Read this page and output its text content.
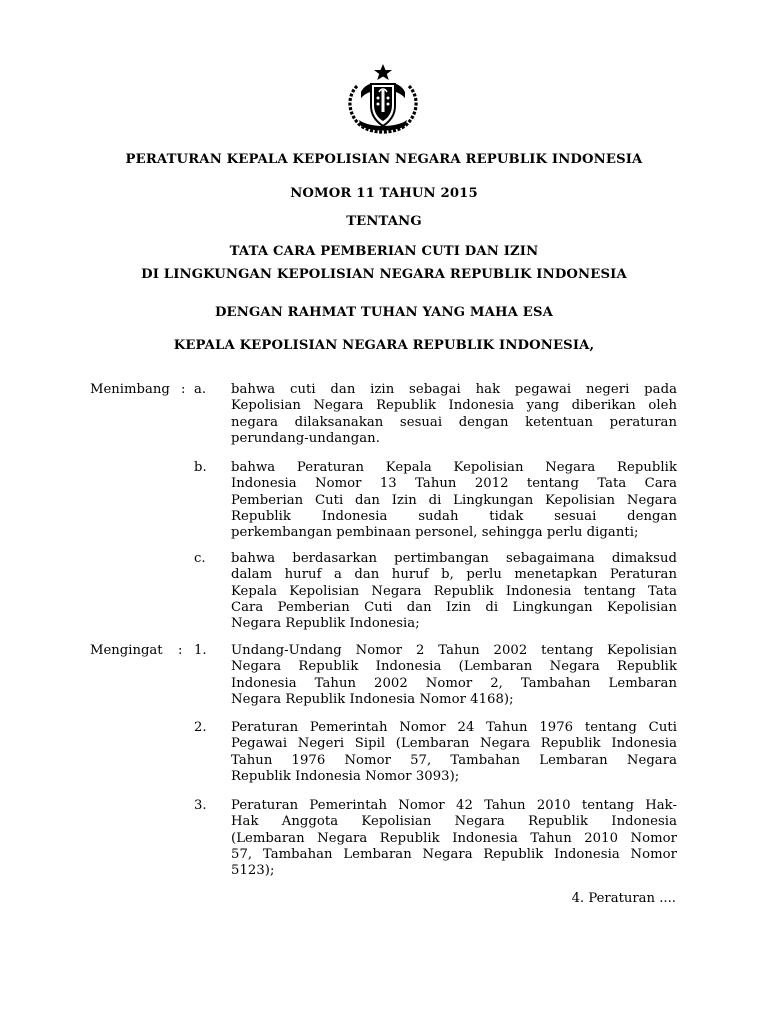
PERATURAN KEPALA KEPOLISIAN NEGARA REPUBLIK INDONESIA
NOMOR 11 TAHUN 2015
TENTANG
TATA CARA PEMBERIAN CUTI DAN IZIN
DI LINGKUNGAN KEPOLISIAN NEGARA REPUBLIK INDONESIA
DENGAN RAHMAT TUHAN YANG MAHA ESA
KEPALA KEPOLISIAN NEGARA REPUBLIK INDONESIA,
Menimbang : a. bahwa cuti dan izin sebagai hak pegawai negeri pada
Kepolisian Negara Republik Indonesia yang diberikan oleh
negara dilaksanakan sesuai dengan ketentuan peraturan
perundang-undangan.
b. bahwa Peraturan Kepala Kepolisian Negara Republik
Indonesia Nomor 13 Tahun 2012 tentang Tata Cara
Pemberian Cuti dan Izin di Lingkungan Kepolisian Negara
Republik Indonesia sudah tidak sesuai dengan
perkembangan pembinaan personel, sehingga perlu diganti;
c. bahwa berdasarkan pertimbangan sebagaimana dimaksud
dalam huruf a dan huruf b, perlu menetapkan Peraturan
Kepala Kepolisian Negara Republik Indonesia tentang Tata
Cara Pemberian Cuti dan Izin di Lingkungan Kepolisian
Negara Republik Indonesia;
Mengingat : 1. Undang-Undang Nomor 2 Tahun 2002 tentang Kepolisian
Negara Republik Indonesia (Lembaran Negara Republik
Indonesia Tahun 2002 Nomor 2, Tambahan Lembaran
Negara Republik Indonesia Nomor 4168);
2. Peraturan Pemerintah Nomor 24 Tahun 1976 tentang Cuti
Pegawai Negeri Sipil (Lembaran Negara Republik Indonesia
Tahun 1976 Nomor 57, Tambahan Lembaran Negara
Republik Indonesia Nomor 3093);
3. Peraturan Pemerintah Nomor 42 Tahun 2010 tentang Hak-
Hak Anggota Kepolisian Negara Republik Indonesia
(Lembaran Negara Republik Indonesia Tahun 2010 Nomor
57, Tambahan Lembaran Negara Republik Indonesia Nomor
5123);
4. Peraturan ....
